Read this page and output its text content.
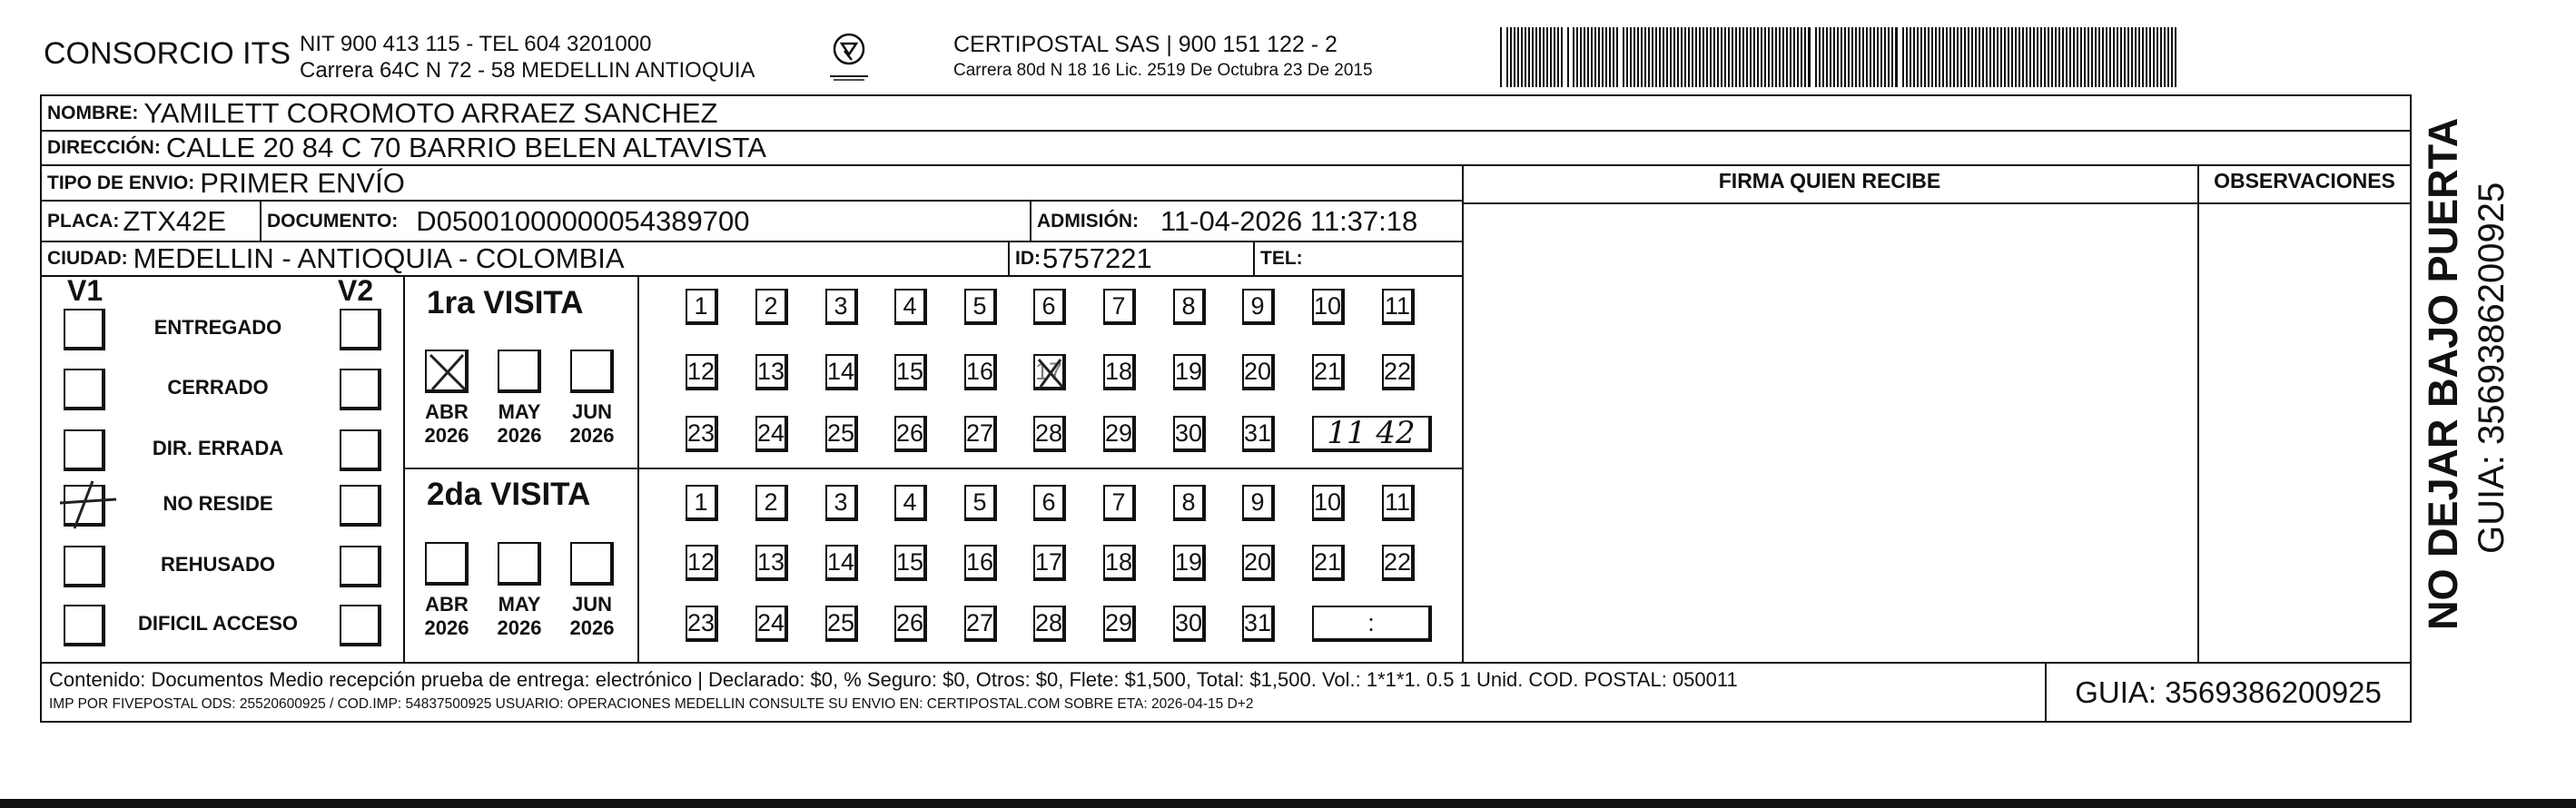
CONSORCIO ITS NIT 900 413 115 - TEL 604 3201000
Carrera 64C N 72 - 58 MEDELLIN ANTIOQUIA
CERTIPOSTAL SAS | 900 151 122 - 2
Carrera 80d N 18 16 Lic. 2519 De Octubra 23 De 2015
NOMBRE: YAMILETT COROMOTO ARRAEZ SANCHEZ
DIRECCIÓN: CALLE 20 84 C 70 BARRIO BELEN ALTAVISTA
FIRMA QUIEN RECIBE	OBSERVACIONES
TIPO DE ENVIO: PRIMER ENVÍO
PLACA: ZTX42E DOCUMENTO: D05001000000054389700	ADMISIÓN: 11-04-2026 11:37:18
CIUDAD: MEDELLIN - ANTIOQUIA - COLOMBIA	ID: 5757221	TEL:
V1	V2
ENTREGADO
CERRADO
DIR. ERRADA
NO RESIDE
REHUSADO
DIFICIL ACCESO
1ra VISITA
ABR
2026
MAY
2026
JUN
2026
1	2	3	4	5	6	7	8	9	10 11
12 13 14 15 16 17 18 19 20 21 22
23 24 25 26 27 28 29 30 31	11 42
2da VISITA
ABR
2026
MAY
2026
JUN
2026
1	2	3	4	5	6	7	8	9	10 11
12 13 14 15 16 17 18 19 20 21 22
23 24 25 26 27 28 29 30 31	:
Contenido: Documentos Medio recepción prueba de entrega: electrónico | Declarado: $0, % Seguro: $0, Otros: $0, Flete: $1,500, Total: $1,500. Vol.: 1*1*1. 0.5 1 Unid. COD. POSTAL: 050011
IMP POR FIVEPOSTAL ODS: 25520600925 / COD.IMP: 54837500925 USUARIO: OPERACIONES MEDELLIN CONSULTE SU ENVIO EN: CERTIPOSTAL.COM SOBRE ETA: 2026-04-15 D+2	GUIA: 3569386200925
NO DEJAR BAJO PUERTA GUIA: 3569386200925
